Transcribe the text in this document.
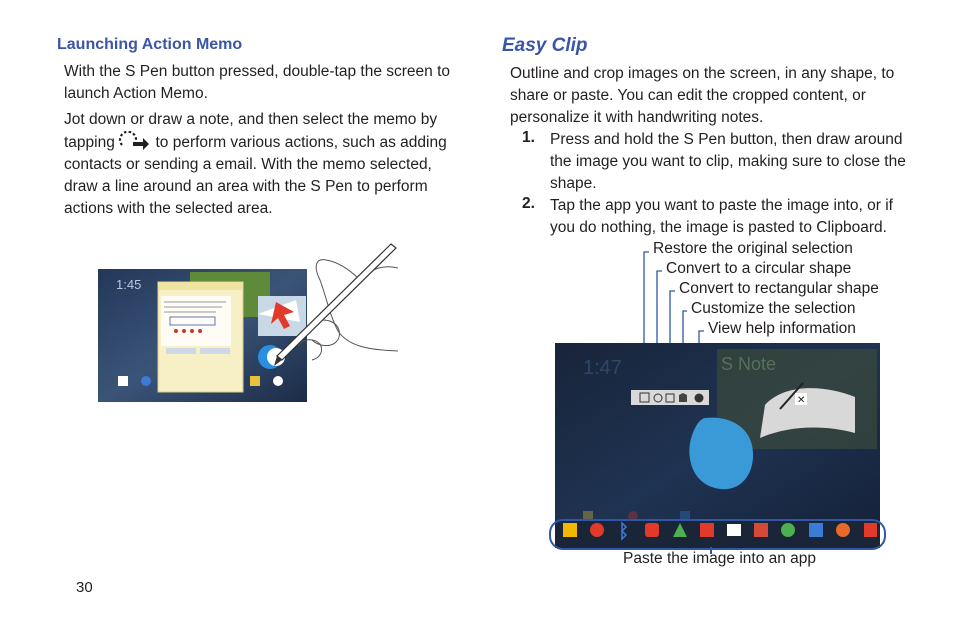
Launching Action Memo
With the S Pen button pressed, double-tap the screen to launch Action Memo.
Jot down or draw a note, and then select the memo by tapping	to perform various actions, such as adding contacts or sending a email. With the memo selected, draw a line around an area with the S Pen to perform actions with the selected area.
1:45
Easy Clip
Outline and crop images on the screen, in any shape, to share or paste. You can edit the cropped content, or personalize it with handwriting notes.
1. Press and hold the S Pen button, then draw around the image you want to clip, making sure to close the shape.
2. Tap the app you want to paste the image into, or if you do nothing, the image is pasted to Clipboard.
Restore the original selection
Convert to a circular shape
Convert to rectangular shape
Customize the selection
View help information
1:47	S Note
✕
Paste the image into an app
30
